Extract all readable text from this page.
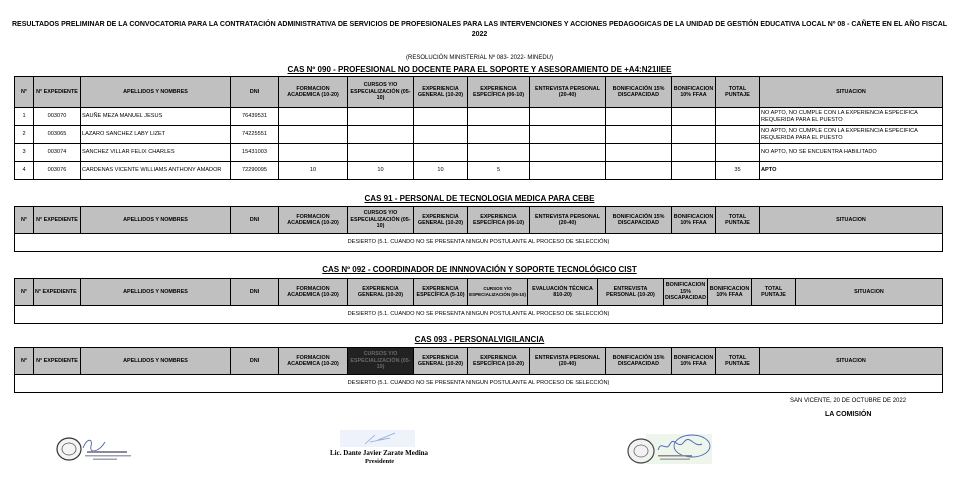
RESULTADOS PRELIMINAR DE LA CONVOCATORIA PARA LA CONTRATACIÓN ADMINISTRATIVA DE SERVICIOS DE PROFESIONALES PARA LAS INTERVENCIONES Y ACCIONES PEDAGOGICAS DE LA UNIDAD DE GESTIÓN EDUCATIVA LOCAL Nº 08 - CAÑETE EN EL AÑO FISCAL
2022
(RESOLUCIÓN MINISTERIAL Nº 083- 2022- MINEDU)
CAS Nº 090 - PROFESIONAL NO DOCENTE PARA EL SOPORTE Y ASESORAMIENTO DE +A4:N21IIEE
N°	N° EXPEDIENTE	APELLIDOS Y NOMBRES	DNI	FORMACION ACADEMICA (10-20)	CURSOS Y/O ESPECIALIZACIÓN (05-10)	EXPERIENCIA GENERAL (10-20)	EXPERIENCIA ESPECÍFICA (06-10)	ENTREVISTA PERSONAL (20-40)	BONIFICACIÓN 15% DISCAPACIDAD	BONIFICACION 10% FFAA	TOTAL PUNTAJE	SITUACION
1	003070	SAUÑE MEZA MANUEL JESUS	76439531									NO APTO, NO CUMPLE CON LA EXPERIENCIA ESPECIFICA REQUERIDA PARA EL PUESTO
2	003065	LAZARO SANCHEZ LABY LIZET	74225551									NO APTO, NO CUMPLE CON LA EXPERIENCIA ESPECIFICA REQUERIDA PARA EL PUESTO
3	003074	SANCHEZ VILLAR FELIX CHARLES	15431003									NO APTO, NO SE ENCUENTRA HABILITADO
4	003076	CARDENAS VICENTE WILLIAMS ANTHONY AMADOR	72290095	10	10	10	5				35	APTO
CAS 91 - PERSONAL DE TECNOLOGIA MEDICA PARA CEBE
N°	N° EXPEDIENTE	APELLIDOS Y NOMBRES	DNI	FORMACION ACADEMICA (10-20)	CURSOS Y/O ESPECIALIZACIÓN (05-10)	EXPERIENCIA GENERAL (10-20)	EXPERIENCIA ESPECÍFICA (06-10)	ENTREVISTA PERSONAL (20-40)	BONIFICACIÓN 15% DISCAPACIDAD	BONIFICACION 10% FFAA	TOTAL PUNTAJE	SITUACION
DESIERTO (5.1. CUANDO NO SE PRESENTA NINGUN POSTULANTE AL PROCESO DE SELECCIÓN)
CAS Nº 092 - COORDINADOR DE INNNOVACIÓN Y SOPORTE TECNOLÓGICO CIST
N°	N° EXPEDIENTE	APELLIDOS Y NOMBRES	DNI	FORMACION ACADEMICA (10-20)	EXPERIENCIA GENERAL (10-20)	EXPERIENCIA ESPECÍFICA (5-10)	CURSOS Y/O ESPECIALIZACIÓN (05-10)	EVALUACIÓN TÉCNICA 810-20)	ENTREVISTA PERSONAL (10-20)	BONIFICACION 15% DISCAPACIDAD	BONIFICACION 10% FFAA	TOTAL PUNTAJE	SITUACION
DESIERTO (5.1. CUANDO NO SE PRESENTA NINGUN POSTULANTE AL PROCESO DE SELECCIÓN)
CAS 093 - PERSONALVIGILANCIA
N°	N° EXPEDIENTE	APELLIDOS Y NOMBRES	DNI	FORMACION ACADEMICA (10-20)	CURSOS Y/O ESPECIALIZACIÓN (05-10)	EXPERIENCIA GENERAL (10-20)	EXPERIENCIA ESPECÍFICA (10-20)	ENTREVISTA PERSONAL (20-40)	BONIFICACIÓN 15% DISCAPACIDAD	BONIFICACION 10% FFAA	TOTAL PUNTAJE	SITUACION
DESIERTO (5.1. CUANDO NO SE PRESENTA NINGUN POSTULANTE AL PROCESO DE SELECCIÓN)
SAN VICENTE, 20 DE OCTUBRE DE 2022
LA COMISIÓN
Lic. Dante Javier Zarate Medina
Presidente
